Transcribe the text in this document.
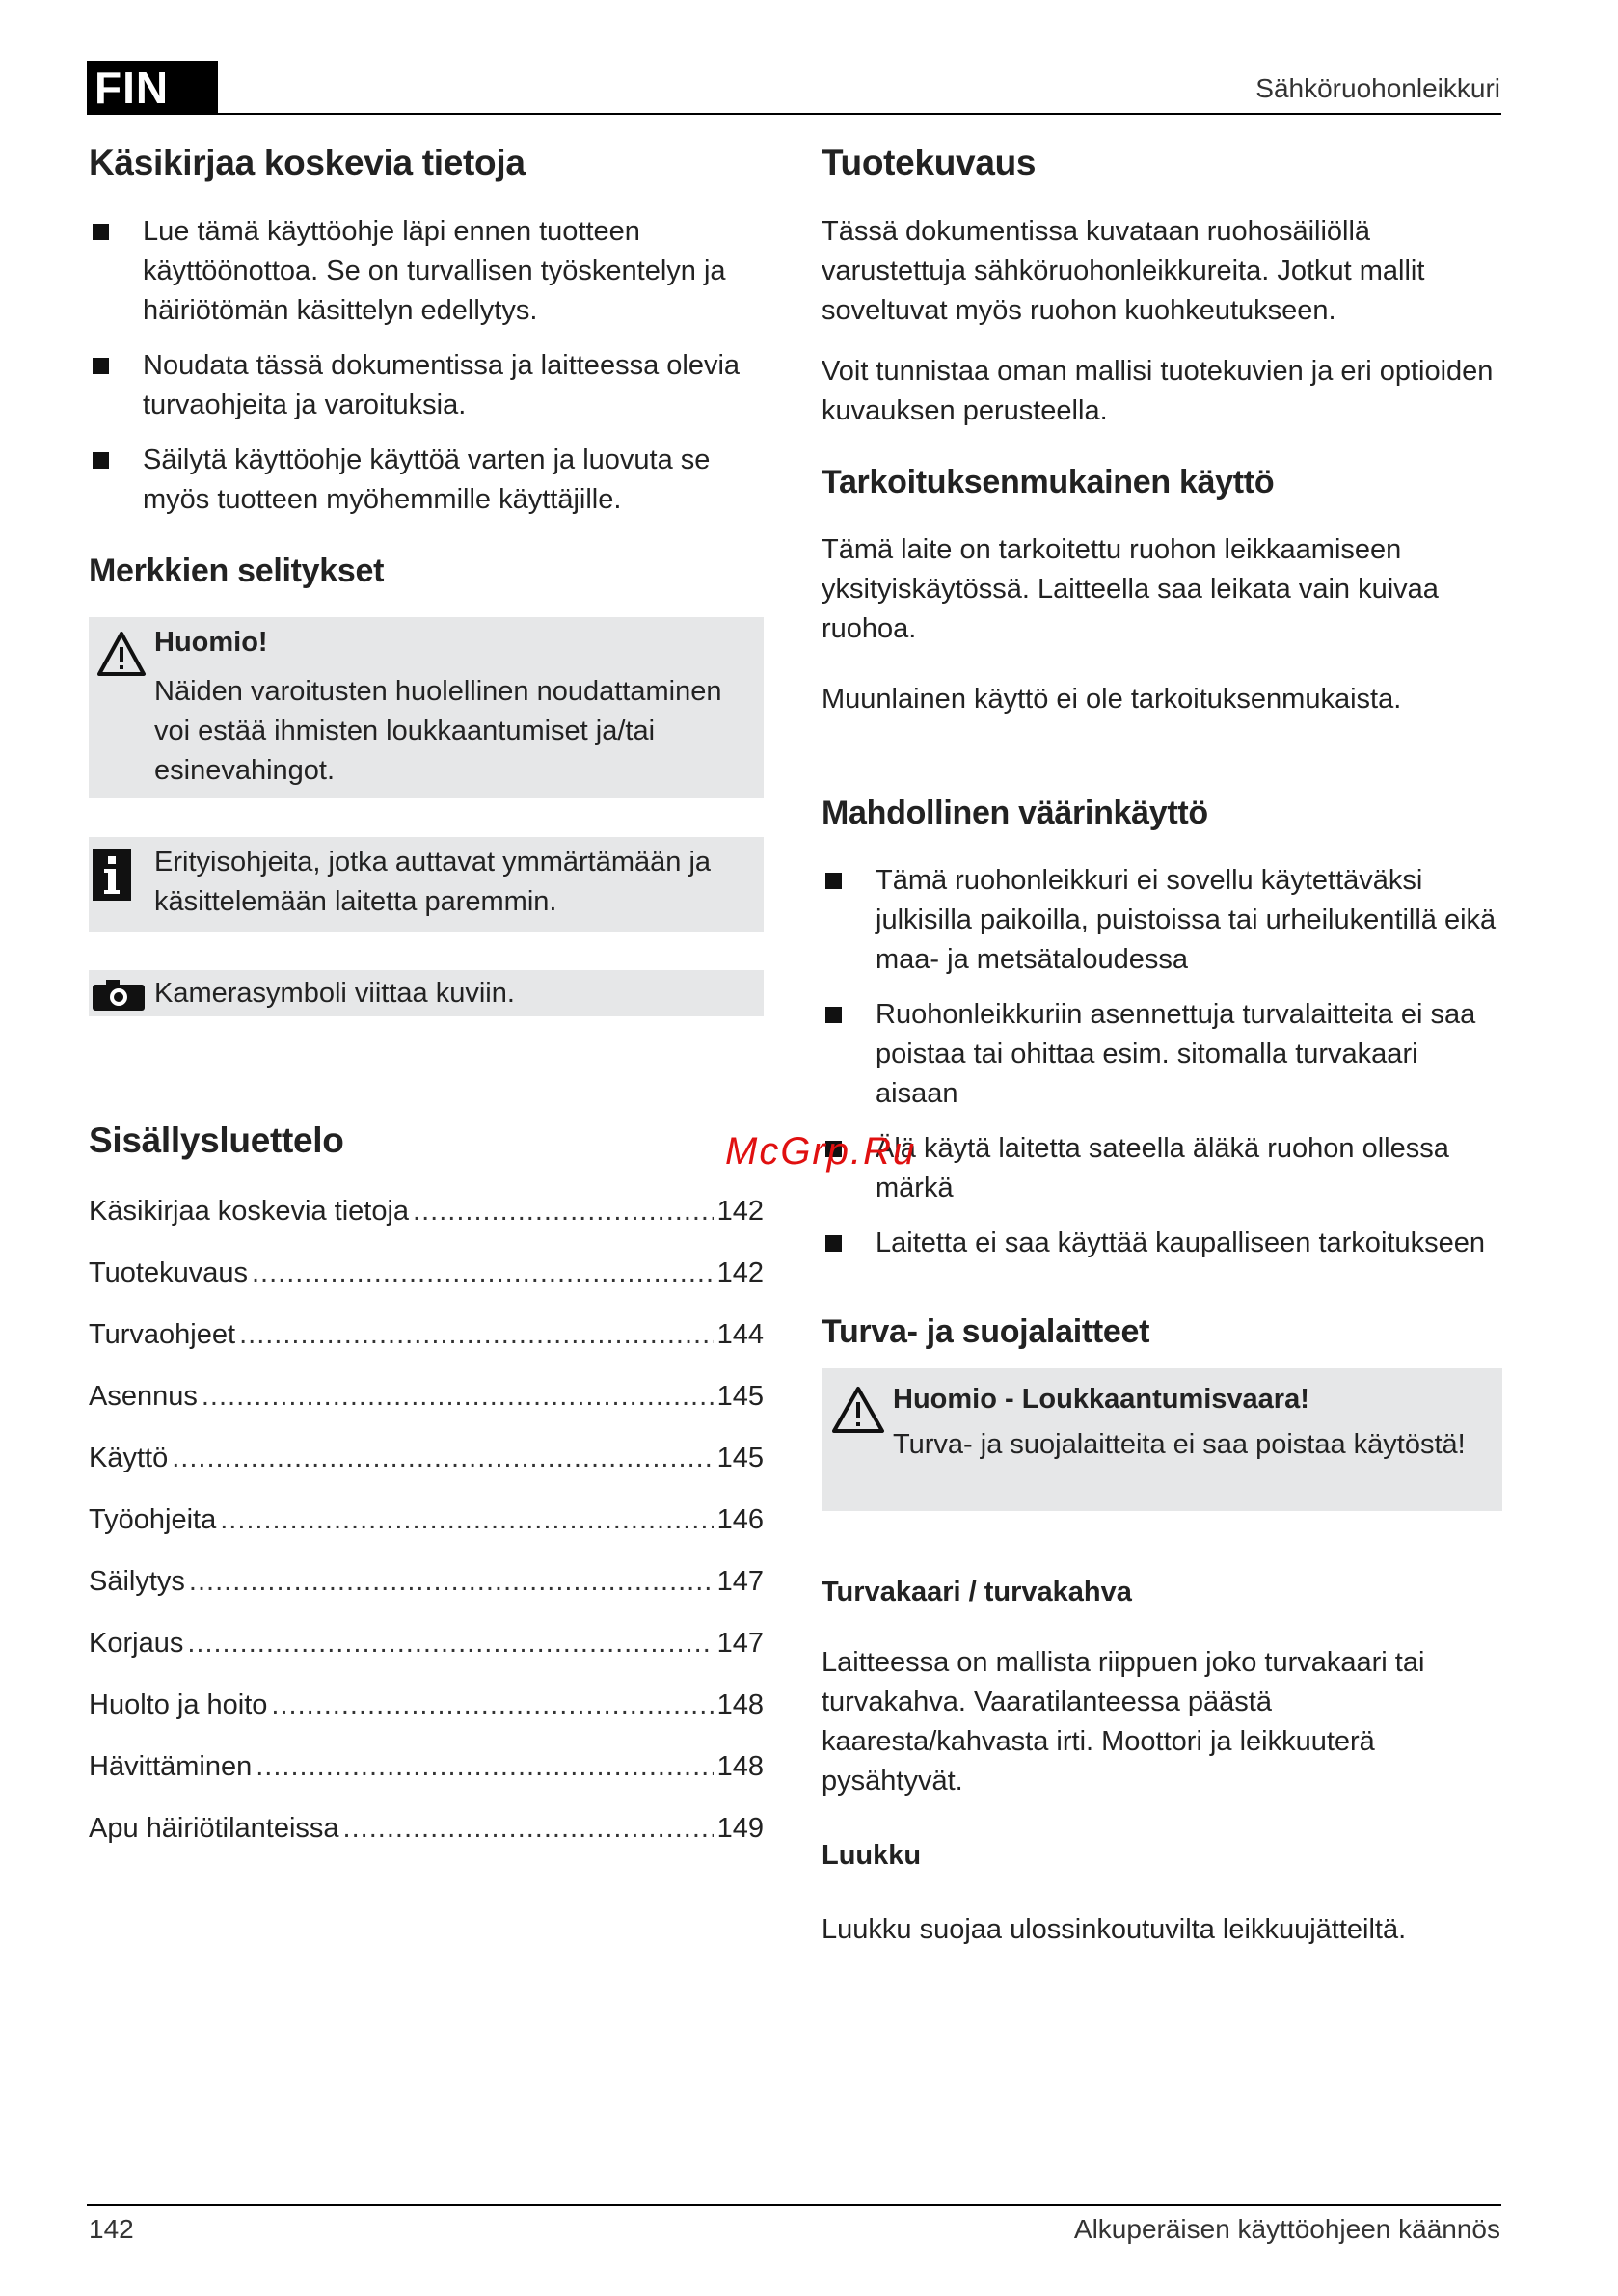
FIN	Sähköruohonleikkuri
Käsikirjaa koskevia tietoja
Lue tämä käyttöohje läpi ennen tuotteen käyttöönottoa. Se on turvallisen työskentelyn ja häiriötömän käsittelyn edellytys.
Noudata tässä dokumentissa ja laitteessa olevia turvaohjeita ja varoituksia.
Säilytä käyttöohje käyttöä varten ja luovuta se myös tuotteen myöhemmille käyttäjille.
Merkkien selitykset
Huomio!
Näiden varoitusten huolellinen noudattaminen voi estää ihmisten loukkaantumiset ja/tai esinevahingot.
Erityisohjeita, jotka auttavat ymmärtämään ja käsittelemään laitetta paremmin.
Kamerasymboli viittaa kuviin.
Sisällysluettelo
Käsikirjaa koskevia tietoja .....	142
Tuotekuvaus .....	142
Turvaohjeet .....	144
Asennus .....	145
Käyttö .....	145
Työohjeita .....	146
Säilytys .....	147
Korjaus .....	147
Huolto ja hoito .....	148
Hävittäminen .....	148
Apu häiriötilanteissa .....	149
Tuotekuvaus

Tässä dokumentissa kuvataan ruohosäiliöllä varustettuja sähköruohonleikkureita. Jotkut mallit soveltuvat myös ruohon kuohkeutukseen.

Voit tunnistaa oman mallisi tuotekuvien ja eri optioiden kuvauksen perusteella.

Tarkoituksenmukainen käyttö

Tämä laite on tarkoitettu ruohon leikkaamiseen yksityiskäytössä. Laitteella saa leikata vain kuivaa ruohoa.

Muunlainen käyttö ei ole tarkoituksenmukaista.

Mahdollinen väärinkäyttö
Tämä ruohonleikkuri ei sovellu käytettäväksi julkisilla paikoilla, puistoissa tai urheilukentillä eikä maa- ja metsätaloudessa
Ruohonleikkuriin asennettuja turvalaitteita ei saa poistaa tai ohittaa esim. sitomalla turvakaari aisaan
Älä käytä laitetta sateella äläkä ruohon ollessa märkä
Laitetta ei saa käyttää kaupalliseen tarkoitukseen
Turva- ja suojalaitteet
Huomio - Loukkaantumisvaara!
Turva- ja suojalaitteita ei saa poistaa käytöstä!
Turvakaari / turvakahva

Laitteessa on mallista riippuen joko turvakaari tai turvakahva. Vaaratilanteessa päästä kaaresta/kahvasta irti. Moottori ja leikkuuterä pysähtyvät.

Luukku

Luukku suojaa ulossinkoutuvilta leikkuujätteiltä.

McGrp.Ru
142	Alkuperäisen käyttöohjeen käännös
